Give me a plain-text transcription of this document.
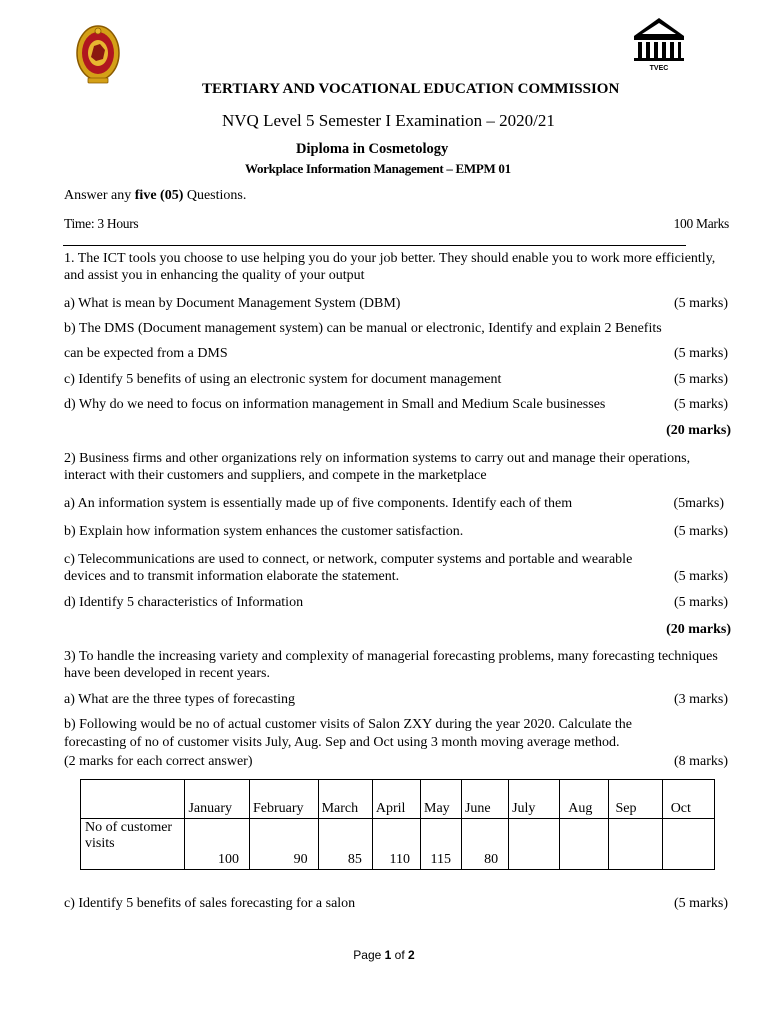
TVEC
TERTIARY AND VOCATIONAL EDUCATION COMMISSION
NVQ Level 5 Semester I Examination – 2020/21
Diploma in Cosmetology
Workplace Information Management – EMPM 01
Answer any five (05) Questions.
Time: 3 Hours	100 Marks
1. The ICT tools you choose to use helping you do your job better. They should enable you to work more efficiently, and assist you in enhancing the quality of your output
a) What is mean by Document Management System (DBM)	(5 marks)
b) The DMS (Document management system) can be manual or electronic, Identify and explain 2 Benefits
can be expected from a DMS	(5 marks)
c) Identify 5 benefits of using an electronic system for document management	(5 marks)
d) Why do we need to focus on information management in Small and Medium Scale businesses	(5 marks)
(20 marks)
2) Business firms and other organizations rely on information systems to carry out and manage their operations, interact with their customers and suppliers, and compete in the marketplace
a) An information system is essentially made up of five components. Identify each of them	(5marks)
b) Explain how information system enhances the customer satisfaction.	(5 marks)
c) Telecommunications are used to connect, or network, computer systems and portable and wearable
devices and to transmit information elaborate the statement.	(5 marks)
d) Identify 5 characteristics of Information	(5 marks)
(20 marks)
3) To handle the increasing variety and complexity of managerial forecasting problems, many forecasting techniques have been developed in recent years.
a) What are the three types of forecasting	(3 marks)
b) Following would be no of actual customer visits of Salon ZXY during the year 2020. Calculate the
forecasting of no of customer visits July, Aug. Sep and Oct using 3 month moving average method.
(2 marks for each correct answer)	(8 marks)
	January	February	March	April	May	June	July	Aug	Sep	Oct
No of customer visits	100	90	85	110	115	80				
c) Identify 5 benefits of sales forecasting for a salon	(5 marks)
Page 1 of 2
